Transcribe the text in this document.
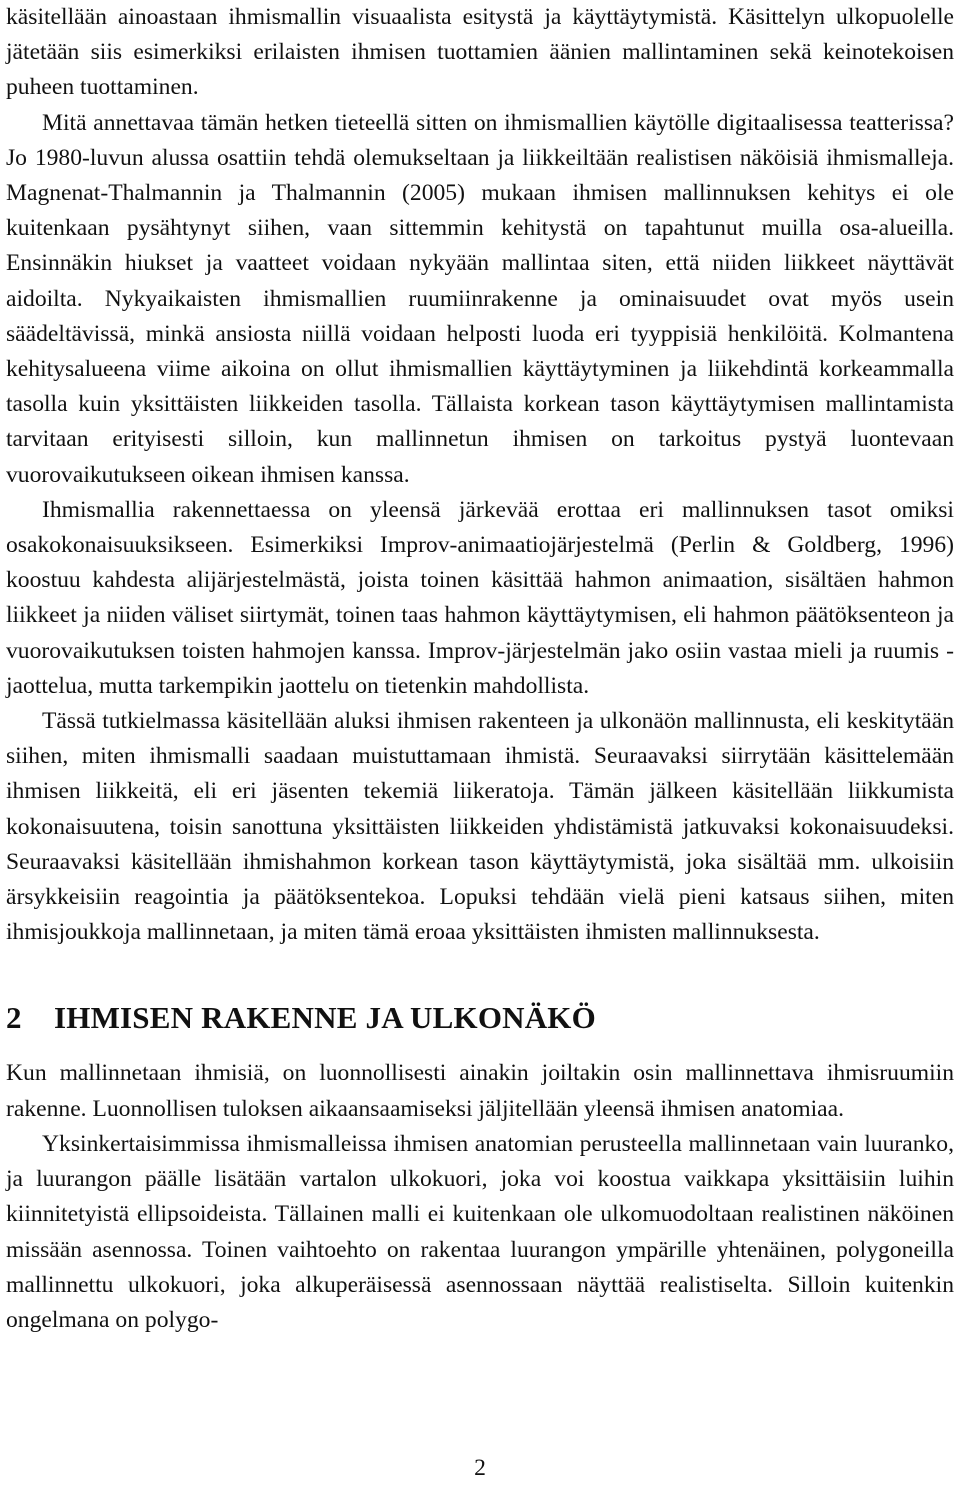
käsitellään ainoastaan ihmismallin visuaalista esitystä ja käyttäytymistä. Käsittelyn ulkopuolelle jätetään siis esimerkiksi erilaisten ihmisen tuottamien äänien mallintaminen sekä keinotekoisen puheen tuottaminen.

Mitä annettavaa tämän hetken tieteellä sitten on ihmismallien käytölle digitaalisessa teatterissa? Jo 1980-luvun alussa osattiin tehdä olemukseltaan ja liikkeiltään realistisen näköisiä ihmismalleja. Magnenat-Thalmannin ja Thalmannin (2005) mukaan ihmisen mallinnuksen kehitys ei ole kuitenkaan pysähtynyt siihen, vaan sittemmin kehitystä on tapahtunut muilla osa-alueilla. Ensinnäkin hiukset ja vaatteet voidaan nykyään mallintaa siten, että niiden liikkeet näyttävät aidoilta. Nykyaikaisten ihmismallien ruumiinrakenne ja ominaisuudet ovat myös usein säädeltävissä, minkä ansiosta niillä voidaan helposti luoda eri tyyppisiä henkilöitä. Kolmantena kehitysalueena viime aikoina on ollut ihmismallien käyttäytyminen ja liikehdintä korkeammalla tasolla kuin yksittäisten liikkeiden tasolla. Tällaista korkean tason käyttäytymisen mallintamista tarvitaan erityisesti silloin, kun mallinnetun ihmisen on tarkoitus pystyä luontevaan vuorovaikutukseen oikean ihmisen kanssa.

Ihmismallia rakennettaessa on yleensä järkevää erottaa eri mallinnuksen tasot omiksi osakokonaisuuksikseen. Esimerkiksi Improv-animaatiojärjestelmä (Perlin & Goldberg, 1996) koostuu kahdesta alijärjestelmästä, joista toinen käsittää hahmon animaation, sisältäen hahmon liikkeet ja niiden väliset siirtymät, toinen taas hahmon käyttäytymisen, eli hahmon päätöksenteon ja vuorovaikutuksen toisten hahmojen kanssa. Improv-järjestelmän jako osiin vastaa mieli ja ruumis -jaottelua, mutta tarkempikin jaottelu on tietenkin mahdollista.

Tässä tutkielmassa käsitellään aluksi ihmisen rakenteen ja ulkonäön mallinnusta, eli keskitytään siihen, miten ihmismalli saadaan muistuttamaan ihmistä. Seuraavaksi siirrytään käsittelemään ihmisen liikkeitä, eli eri jäsenten tekemiä liikeratoja. Tämän jälkeen käsitellään liikkumista kokonaisuutena, toisin sanottuna yksittäisten liikkeiden yhdistämistä jatkuvaksi kokonaisuudeksi. Seuraavaksi käsitellään ihmishahmon korkean tason käyttäytymistä, joka sisältää mm. ulkoisiin ärsykkeisiin reagointia ja päätöksentekoa. Lopuksi tehdään vielä pieni katsaus siihen, miten ihmisjoukkoja mallinnetaan, ja miten tämä eroaa yksittäisten ihmisten mallinnuksesta.

2 IHMISEN RAKENNE JA ULKONÄKÖ

Kun mallinnetaan ihmisiä, on luonnollisesti ainakin joiltakin osin mallinnettava ihmisruumiin rakenne. Luonnollisen tuloksen aikaansaamiseksi jäljitellään yleensä ihmisen anatomiaa.

Yksinkertaisimmissa ihmismalleissa ihmisen anatomian perusteella mallinnetaan vain luuranko, ja luurangon päälle lisätään vartalon ulkokuori, joka voi koostua vaikkapa yksittäisiin luihin kiinnitetyistä ellipsoideista. Tällainen malli ei kuitenkaan ole ulkomuodoltaan realistinen näköinen missään asennossa. Toinen vaihtoehto on rakentaa luurangon ympärille yhtenäinen, polygoneilla mallinnettu ulkokuori, joka alkuperäisessä asennossaan näyttää realistiselta. Silloin kuitenkin ongelmana on polygo-

2
